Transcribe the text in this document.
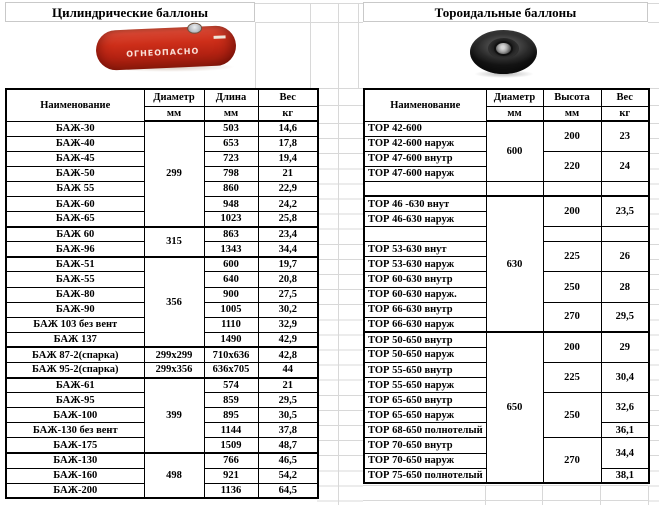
Цилиндрические баллоны	Тороидальные баллоны
ОГНЕОПАСНО
Наименование	Диаметр	Длина	Вес
	мм	мм	кг
БАЖ-30	299	503	14,6
БАЖ-40		653	17,8
БАЖ-45		723	19,4
БАЖ-50		798	21
БАЖ 55		860	22,9
БАЖ-60		948	24,2
БАЖ-65		1023	25,8
БАЖ 60	315	863	23,4
БАЖ-96		1343	34,4
БАЖ-51	356	600	19,7
БАЖ-55		640	20,8
БАЖ-80		900	27,5
БАЖ-90		1005	30,2
БАЖ 103 без вент		1110	32,9
БАЖ 137		1490	42,9
БАЖ 87-2(спарка)	299х299	710х636	42,8
БАЖ 95-2(спарка)	299х356	636х705	44
БАЖ-61	399	574	21
БАЖ-95		859	29,5
БАЖ-100		895	30,5
БАЖ-130 без вент		1144	37,8
БАЖ-175		1509	48,7
БАЖ-130	498	766	46,5
БАЖ-160		921	54,2
БАЖ-200		1136	64,5
Наименование	Диаметр	Высота	Вес
	мм	мм	кг
ТОР 42-600	600	200	23
ТОР 42-600 наруж			
ТОР 47-600 внутр		220	24
ТОР 47-600 наруж			

ТОР 46 -630 внут	630	200	23,5
ТОР 46-630 наруж			

ТОР 53-630 внут		225	26
ТОР 53-630 наруж			
ТОР 60-630 внутр		250	28
ТОР 60-630 наруж.			
ТОР 66-630 внутр		270	29,5
ТОР 66-630 наруж			
ТОР 50-650 внутр	650	200	29
ТОР 50-650 наруж			
ТОР 55-650 внутр		225	30,4
ТОР 55-650 наруж			
ТОР 65-650 внутр		250	32,6
ТОР 65-650 наруж			
ТОР 68-650 полнотелый			36,1
ТОР 70-650 внутр		270	34,4
ТОР 70-650 наруж			
ТОР 75-650 полнотелый			38,1
